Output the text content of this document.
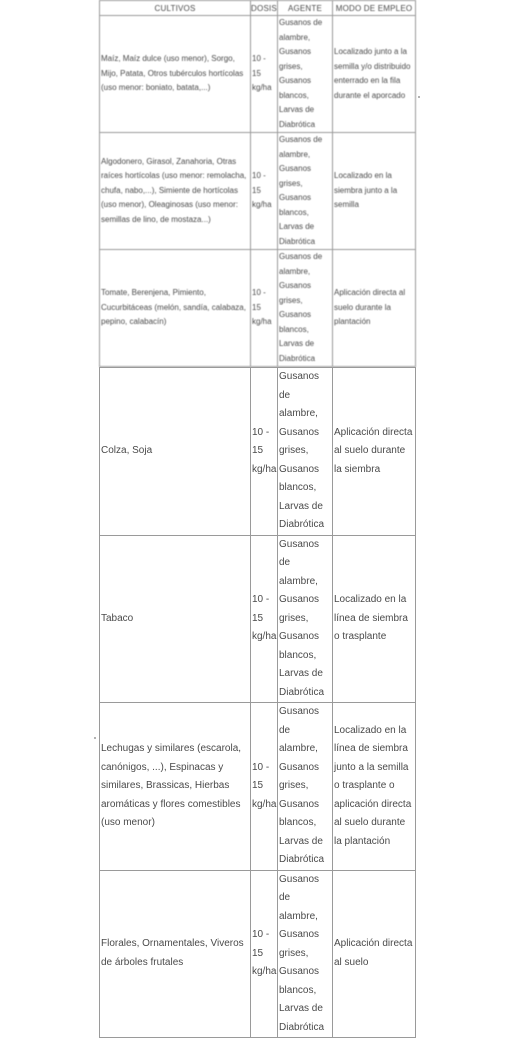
CULTIVOS	DOSIS	AGENTE	MODO DE EMPLEO
Maíz, Maíz dulce (uso menor), Sorgo, Mijo, Patata, Otros tubérculos hortícolas (uso menor: boniato, batata,...)	10 - 15 kg/ha	Gusanos de alambre, Gusanos grises, Gusanos blancos, Larvas de Diabrótica	Localizado junto a la semilla y/o distribuido enterrado en la fila durante el aporcado
Algodonero, Girasol, Zanahoria, Otras raíces hortícolas (uso menor: remolacha, chufa, nabo,...), Simiente de hortícolas (uso menor), Oleaginosas (uso menor: semillas de lino, de mostaza...)	10 - 15 kg/ha	Gusanos de alambre, Gusanos grises, Gusanos blancos, Larvas de Diabrótica	Localizado en la siembra junto a la semilla
Tomate, Berenjena, Pimiento, Cucurbitáceas (melón, sandía, calabaza, pepino, calabacín)	10 - 15 kg/ha	Gusanos de alambre, Gusanos grises, Gusanos blancos, Larvas de Diabrótica	Aplicación directa al suelo durante la plantación
Colza, Soja	10 - 15 kg/ha	Gusanos de alambre, Gusanos grises, Gusanos blancos, Larvas de Diabrótica	Aplicación directa al suelo durante la siembra
Tabaco	10 - 15 kg/ha	Gusanos de alambre, Gusanos grises, Gusanos blancos, Larvas de Diabrótica	Localizado en la línea de siembra o trasplante
Lechugas y similares (escarola, canónigos, ...), Espinacas y similares, Brassicas, Hierbas aromáticas y flores comestibles (uso menor)	10 - 15 kg/ha	Gusanos de alambre, Gusanos grises, Gusanos blancos, Larvas de Diabrótica	Localizado en la línea de siembra junto a la semilla o trasplante o aplicación directa al suelo durante la plantación
Florales, Ornamentales, Viveros de árboles frutales	10 - 15 kg/ha	Gusanos de alambre, Gusanos grises, Gusanos blancos, Larvas de Diabrótica	Aplicación directa al suelo
